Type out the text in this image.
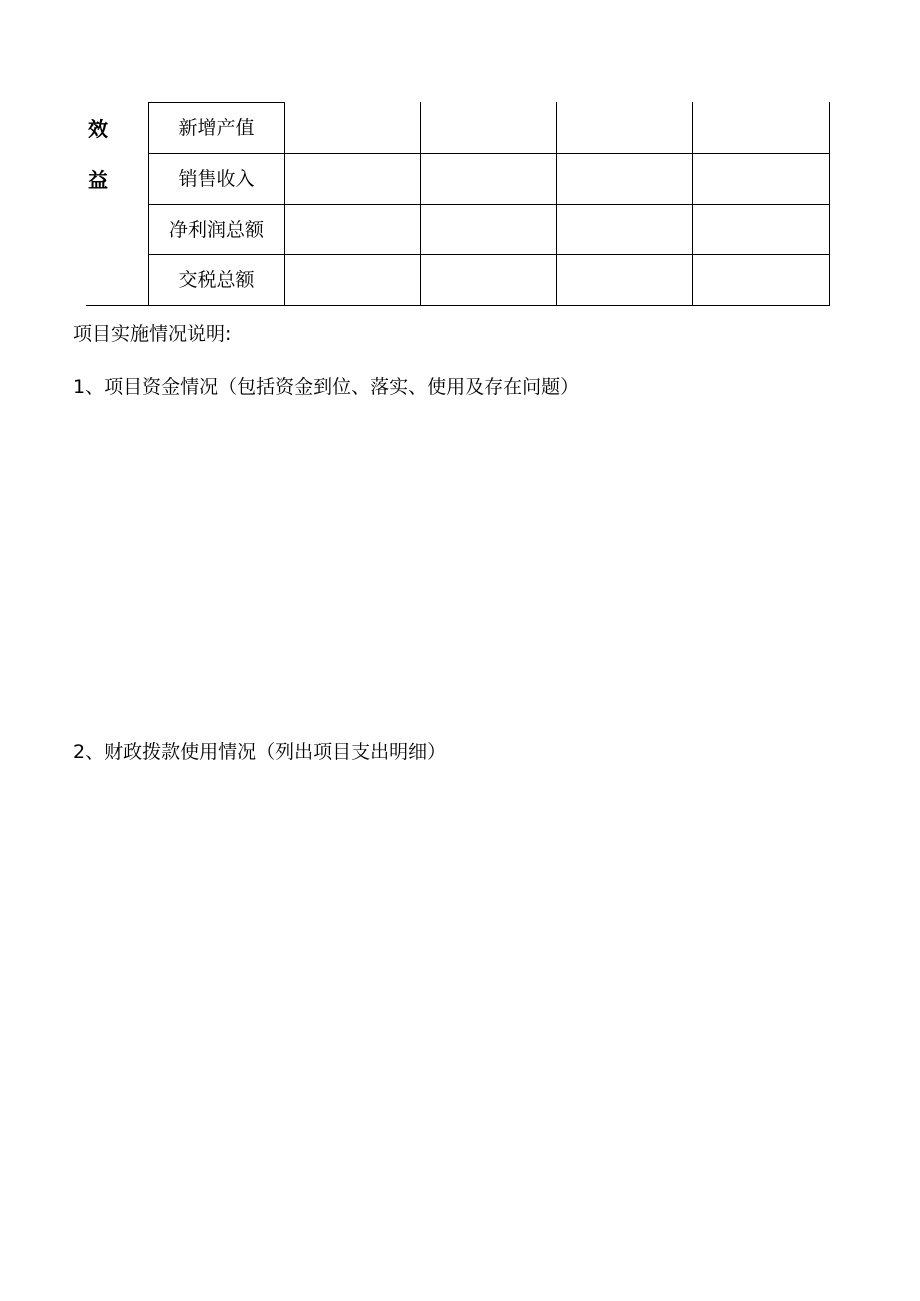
效
益
新增产值
销售收入
净利润总额
交税总额
项目实施情况说明:
1、项目资金情况（包括资金到位、落实、使用及存在问题）
2、财政拨款使用情况（列出项目支出明细）
